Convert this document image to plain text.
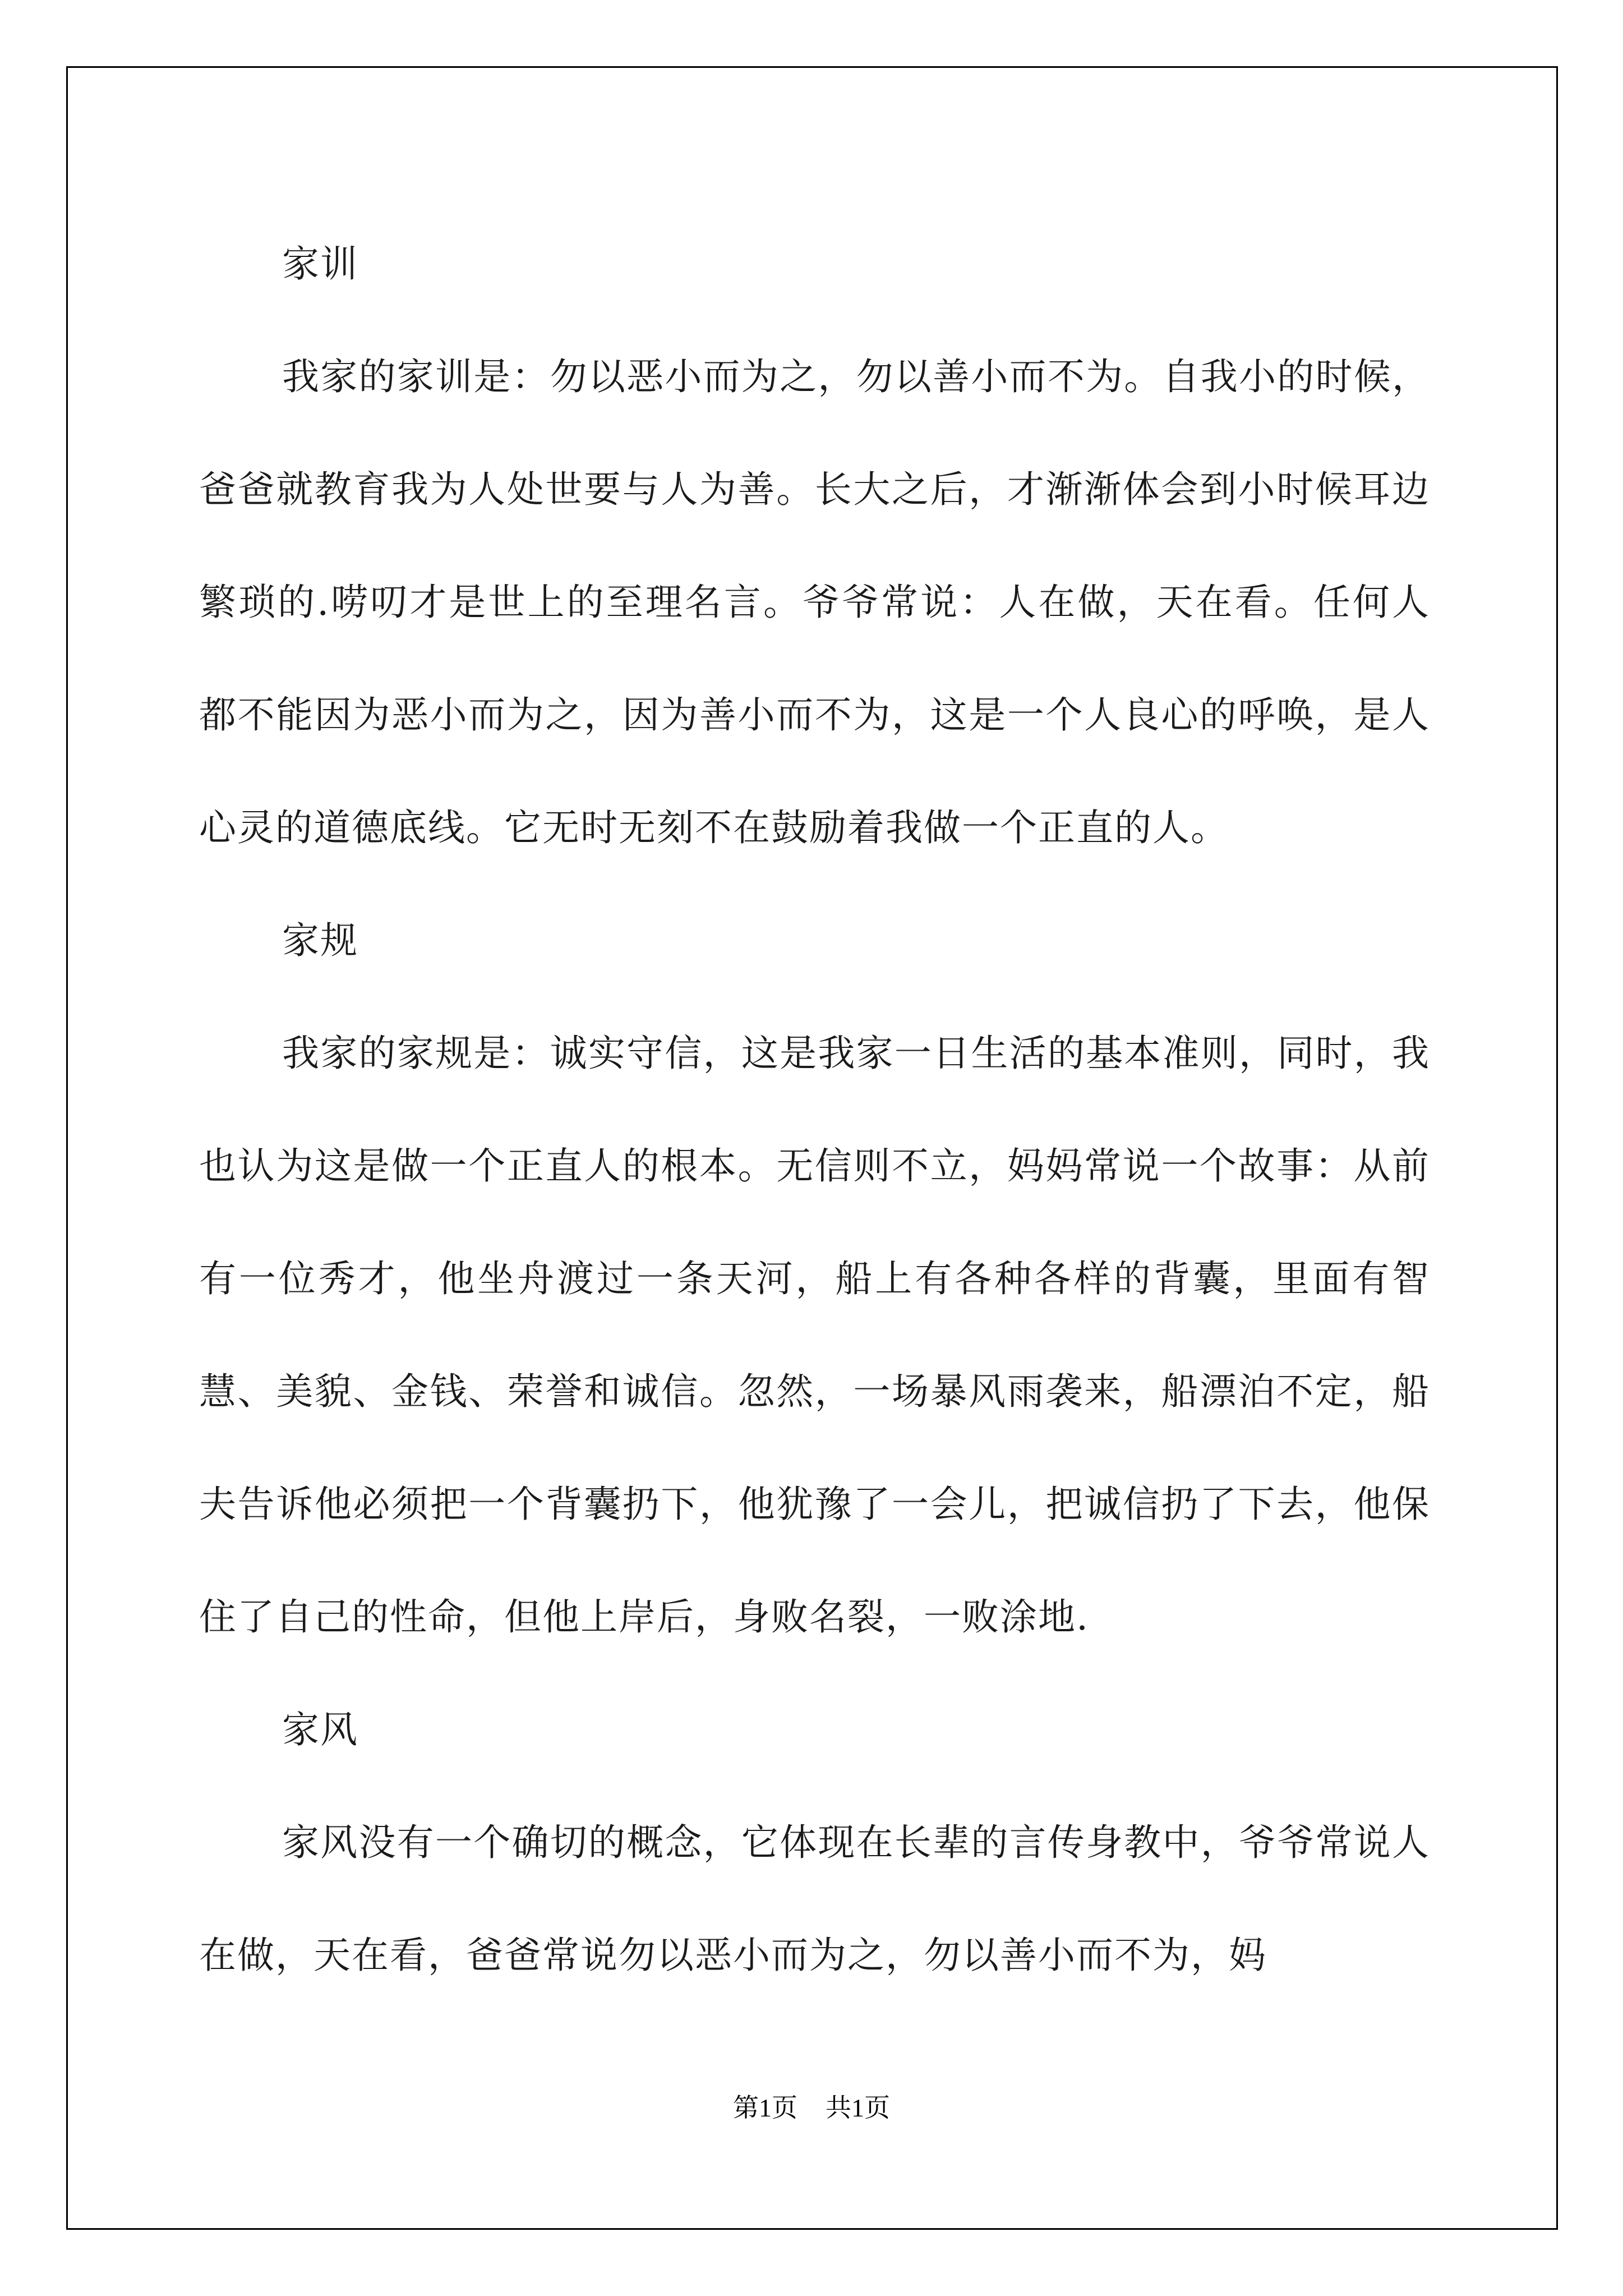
家训

我家的家训是：勿以恶小而为之，勿以善小而不为。自我小的时候，爸爸就教育我为人处世要与人为善。长大之后，才渐渐体会到小时候耳边繁琐的.唠叨才是世上的至理名言。爷爷常说：人在做，天在看。任何人都不能因为恶小而为之，因为善小而不为，这是一个人良心的呼唤，是人心灵的道德底线。它无时无刻不在鼓励着我做一个正直的人。

家规

我家的家规是：诚实守信，这是我家一日生活的基本准则，同时，我也认为这是做一个正直人的根本。无信则不立，妈妈常说一个故事：从前有一位秀才，他坐舟渡过一条天河，船上有各种各样的背囊，里面有智慧、美貌、金钱、荣誉和诚信。忽然，一场暴风雨袭来，船漂泊不定，船夫告诉他必须把一个背囊扔下，他犹豫了一会儿，把诚信扔了下去，他保住了自己的性命，但他上岸后，身败名裂，一败涂地.

家风

家风没有一个确切的概念，它体现在长辈的言传身教中，爷爷常说人在做，天在看，爸爸常说勿以恶小而为之，勿以善小而不为，妈

第1页 共1页
